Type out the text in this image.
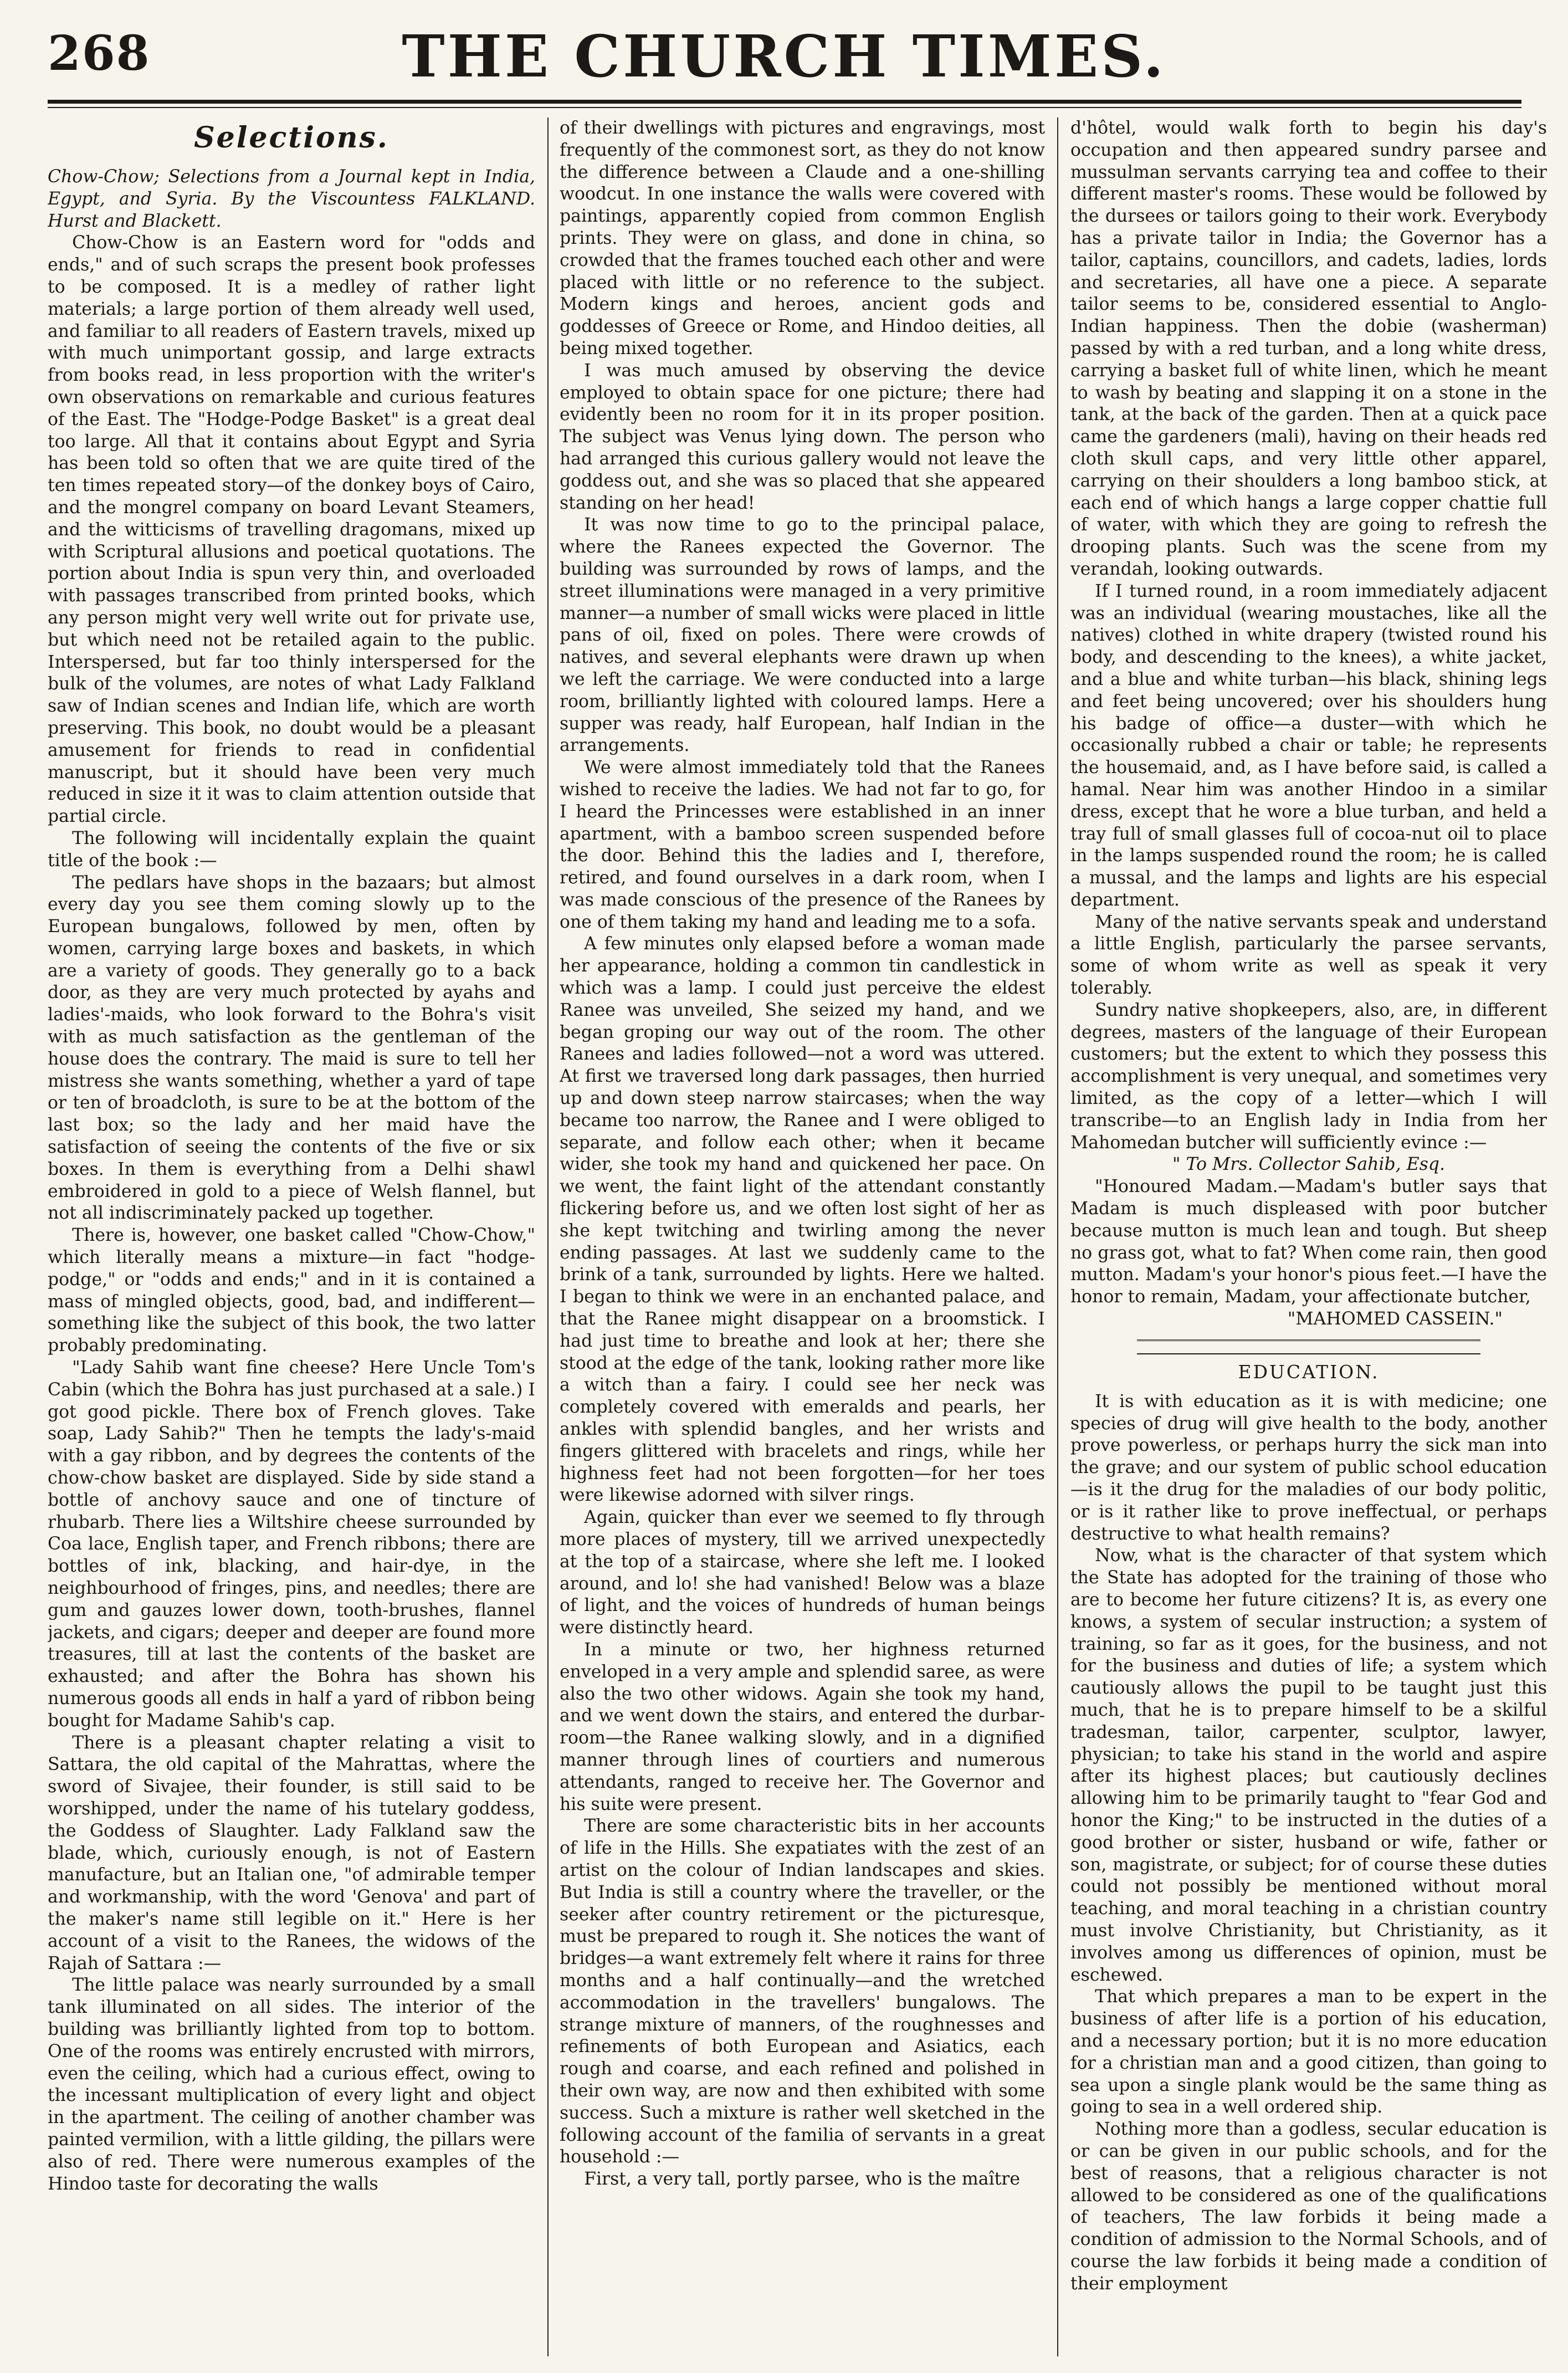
268	THE CHURCH TIMES.
Selections.

Chow-Chow; Selections from a Journal kept in India, Egypt, and Syria. By the Viscountess FALKLAND. Hurst and Blackett.

Chow-Chow is an Eastern word for "odds and ends," and of such scraps the present book professes to be composed. It is a medley of rather light materials; a large portion of them already well used, and familiar to all readers of Eastern travels, mixed up with much unimportant gossip, and large extracts from books read, in less proportion with the writer's own observations on remarkable and curious features of the East. The "Hodge-Podge Basket" is a great deal too large. All that it contains about Egypt and Syria has been told so often that we are quite tired of the ten times repeated story—of the donkey boys of Cairo, and the mongrel company on board Levant Steamers, and the witticisms of travelling dragomans, mixed up with Scriptural allusions and poetical quotations. The portion about India is spun very thin, and overloaded with passages transcribed from printed books, which any person might very well write out for private use, but which need not be retailed again to the public. Interspersed, but far too thinly interspersed for the bulk of the volumes, are notes of what Lady Falkland saw of Indian scenes and Indian life, which are worth preserving. This book, no doubt would be a pleasant amusement for friends to read in confidential manuscript, but it should have been very much reduced in size it it was to claim attention outside that partial circle.

The following will incidentally explain the quaint title of the book :—

The pedlars have shops in the bazaars; but almost every day you see them coming slowly up to the European bungalows, followed by men, often by women, carrying large boxes and baskets, in which are a variety of goods. They generally go to a back door, as they are very much protected by ayahs and ladies'-maids, who look forward to the Bohra's visit with as much satisfaction as the gentleman of the house does the contrary. The maid is sure to tell her mistress she wants something, whether a yard of tape or ten of broadcloth, is sure to be at the bottom of the last box; so the lady and her maid have the satisfaction of seeing the contents of the five or six boxes. In them is everything from a Delhi shawl embroidered in gold to a piece of Welsh flannel, but not all indiscriminately packed up together.

There is, however, one basket called "Chow-Chow," which literally means a mixture—in fact "hodge-podge," or "odds and ends;" and in it is contained a mass of mingled objects, good, bad, and indifferent—something like the subject of this book, the two latter probably predominating.

"Lady Sahib want fine cheese? Here Uncle Tom's Cabin (which the Bohra has just purchased at a sale.) I got good pickle. There box of French gloves. Take soap, Lady Sahib?" Then he tempts the lady's-maid with a gay ribbon, and by degrees the contents of the chow-chow basket are displayed. Side by side stand a bottle of anchovy sauce and one of tincture of rhubarb. There lies a Wiltshire cheese surrounded by Coa lace, English taper, and French ribbons; there are bottles of ink, blacking, and hair-dye, in the neighbourhood of fringes, pins, and needles; there are gum and gauzes lower down, tooth-brushes, flannel jackets, and cigars; deeper and deeper are found more treasures, till at last the contents of the basket are exhausted; and after the Bohra has shown his numerous goods all ends in half a yard of ribbon being bought for Madame Sahib's cap.

There is a pleasant chapter relating a visit to Sattara, the old capital of the Mahrattas, where the sword of Sivajee, their founder, is still said to be worshipped, under the name of his tutelary goddess, the Goddess of Slaughter. Lady Falkland saw the blade, which, curiously enough, is not of Eastern manufacture, but an Italian one, "of admirable temper and workmanship, with the word 'Genova' and part of the maker's name still legible on it." Here is her account of a visit to the Ranees, the widows of the Rajah of Sattara :—

The little palace was nearly surrounded by a small tank illuminated on all sides. The interior of the building was brilliantly lighted from top to bottom. One of the rooms was entirely encrusted with mirrors, even the ceiling, which had a curious effect, owing to the incessant multiplication of every light and object in the apartment. The ceiling of another chamber was painted vermilion, with a little gilding, the pillars were also of red. There were numerous examples of the Hindoo taste for decorating the walls

of their dwellings with pictures and engravings, most frequently of the commonest sort, as they do not know the difference between a Claude and a one-shilling woodcut. In one instance the walls were covered with paintings, apparently copied from common English prints. They were on glass, and done in china, so crowded that the frames touched each other and were placed with little or no reference to the subject. Modern kings and heroes, ancient gods and goddesses of Greece or Rome, and Hindoo deities, all being mixed together.

I was much amused by observing the device employed to obtain space for one picture; there had evidently been no room for it in its proper position. The subject was Venus lying down. The person who had arranged this curious gallery would not leave the goddess out, and she was so placed that she appeared standing on her head!

It was now time to go to the principal palace, where the Ranees expected the Governor. The building was surrounded by rows of lamps, and the street illuminations were managed in a very primitive manner—a number of small wicks were placed in little pans of oil, fixed on poles. There were crowds of natives, and several elephants were drawn up when we left the carriage. We were conducted into a large room, brilliantly lighted with coloured lamps. Here a supper was ready, half European, half Indian in the arrangements.

We were almost immediately told that the Ranees wished to receive the ladies. We had not far to go, for I heard the Princesses were established in an inner apartment, with a bamboo screen suspended before the door. Behind this the ladies and I, therefore, retired, and found ourselves in a dark room, when I was made conscious of the presence of the Ranees by one of them taking my hand and leading me to a sofa.

A few minutes only elapsed before a woman made her appearance, holding a common tin candlestick in which was a lamp. I could just perceive the eldest Ranee was unveiled, She seized my hand, and we began groping our way out of the room. The other Ranees and ladies followed—not a word was uttered. At first we traversed long dark passages, then hurried up and down steep narrow staircases; when the way became too narrow, the Ranee and I were obliged to separate, and follow each other; when it became wider, she took my hand and quickened her pace. On we went, the faint light of the attendant constantly flickering before us, and we often lost sight of her as she kept twitching and twirling among the never ending passages. At last we suddenly came to the brink of a tank, surrounded by lights. Here we halted. I began to think we were in an enchanted palace, and that the Ranee might disappear on a broomstick. I had just time to breathe and look at her; there she stood at the edge of the tank, looking rather more like a witch than a fairy. I could see her neck was completely covered with emeralds and pearls, her ankles with splendid bangles, and her wrists and fingers glittered with bracelets and rings, while her highness feet had not been forgotten—for her toes were likewise adorned with silver rings.

Again, quicker than ever we seemed to fly through more places of mystery, till we arrived unexpectedly at the top of a staircase, where she left me. I looked around, and lo! she had vanished! Below was a blaze of light, and the voices of hundreds of human beings were distinctly heard.

In a minute or two, her highness returned enveloped in a very ample and splendid saree, as were also the two other widows. Again she took my hand, and we went down the stairs, and entered the durbar-room—the Ranee walking slowly, and in a dignified manner through lines of courtiers and numerous attendants, ranged to receive her. The Governor and his suite were present.

There are some characteristic bits in her accounts of life in the Hills. She expatiates with the zest of an artist on the colour of Indian landscapes and skies. But India is still a country where the traveller, or the seeker after country retirement or the picturesque, must be prepared to rough it. She notices the want of bridges—a want extremely felt where it rains for three months and a half continually—and the wretched accommodation in the travellers' bungalows. The strange mixture of manners, of the roughnesses and refinements of both European and Asiatics, each rough and coarse, and each refined and polished in their own way, are now and then exhibited with some success. Such a mixture is rather well sketched in the following account of the familia of servants in a great household :—

First, a very tall, portly parsee, who is the maître

d'hôtel, would walk forth to begin his day's occupation and then appeared sundry parsee and mussulman servants carrying tea and coffee to their different master's rooms. These would be followed by the dursees or tailors going to their work. Everybody has a private tailor in India; the Governor has a tailor, captains, councillors, and cadets, ladies, lords and secretaries, all have one a piece. A separate tailor seems to be, considered essential to Anglo-Indian happiness. Then the dobie (washerman) passed by with a red turban, and a long white dress, carrying a basket full of white linen, which he meant to wash by beating and slapping it on a stone in the tank, at the back of the garden. Then at a quick pace came the gardeners (mali), having on their heads red cloth skull caps, and very little other apparel, carrying on their shoulders a long bamboo stick, at each end of which hangs a large copper chattie full of water, with which they are going to refresh the drooping plants. Such was the scene from my verandah, looking outwards.

If I turned round, in a room immediately adjacent was an individual (wearing moustaches, like all the natives) clothed in white drapery (twisted round his body, and descending to the knees), a white jacket, and a blue and white turban—his black, shining legs and feet being uncovered; over his shoulders hung his badge of office—a duster—with which he occasionally rubbed a chair or table; he represents the housemaid, and, as I have before said, is called a hamal. Near him was another Hindoo in a similar dress, except that he wore a blue turban, and held a tray full of small glasses full of cocoa-nut oil to place in the lamps suspended round the room; he is called a mussal, and the lamps and lights are his especial department.

Many of the native servants speak and understand a little English, particularly the parsee servants, some of whom write as well as speak it very tolerably.

Sundry native shopkeepers, also, are, in different degrees, masters of the language of their European customers; but the extent to which they possess this accomplishment is very unequal, and sometimes very limited, as the copy of a letter—which I will transcribe—to an English lady in India from her Mahomedan butcher will sufficiently evince :—

" To Mrs. Collector Sahib, Esq.

"Honoured Madam.—Madam's butler says that Madam is much displeased with poor butcher because mutton is much lean and tough. But sheep no grass got, what to fat? When come rain, then good mutton. Madam's your honor's pious feet.—I have the honor to remain, Madam, your affectionate butcher,

"MAHOMED CASSEIN."

EDUCATION.

It is with education as it is with medicine; one species of drug will give health to the body, another prove powerless, or perhaps hurry the sick man into the grave; and our system of public school education—is it the drug for the maladies of our body politic, or is it rather like to prove ineffectual, or perhaps destructive to what health remains?

Now, what is the character of that system which the State has adopted for the training of those who are to become her future citizens? It is, as every one knows, a system of secular instruction; a system of training, so far as it goes, for the business, and not for the business and duties of life; a system which cautiously allows the pupil to be taught just this much, that he is to prepare himself to be a skilful tradesman, tailor, carpenter, sculptor, lawyer, physician; to take his stand in the world and aspire after its highest places; but cautiously declines allowing him to be primarily taught to "fear God and honor the King;" to be instructed in the duties of a good brother or sister, husband or wife, father or son, magistrate, or subject; for of course these duties could not possibly be mentioned without moral teaching, and moral teaching in a christian country must involve Christianity, but Christianity, as it involves among us differences of opinion, must be eschewed.

That which prepares a man to be expert in the business of after life is a portion of his education, and a necessary portion; but it is no more education for a christian man and a good citizen, than going to sea upon a single plank would be the same thing as going to sea in a well ordered ship.

Nothing more than a godless, secular education is or can be given in our public schools, and for the best of reasons, that a religious character is not allowed to be considered as one of the qualifications of teachers, The law forbids it being made a condition of admission to the Normal Schools, and of course the law forbids it being made a condition of their employment
